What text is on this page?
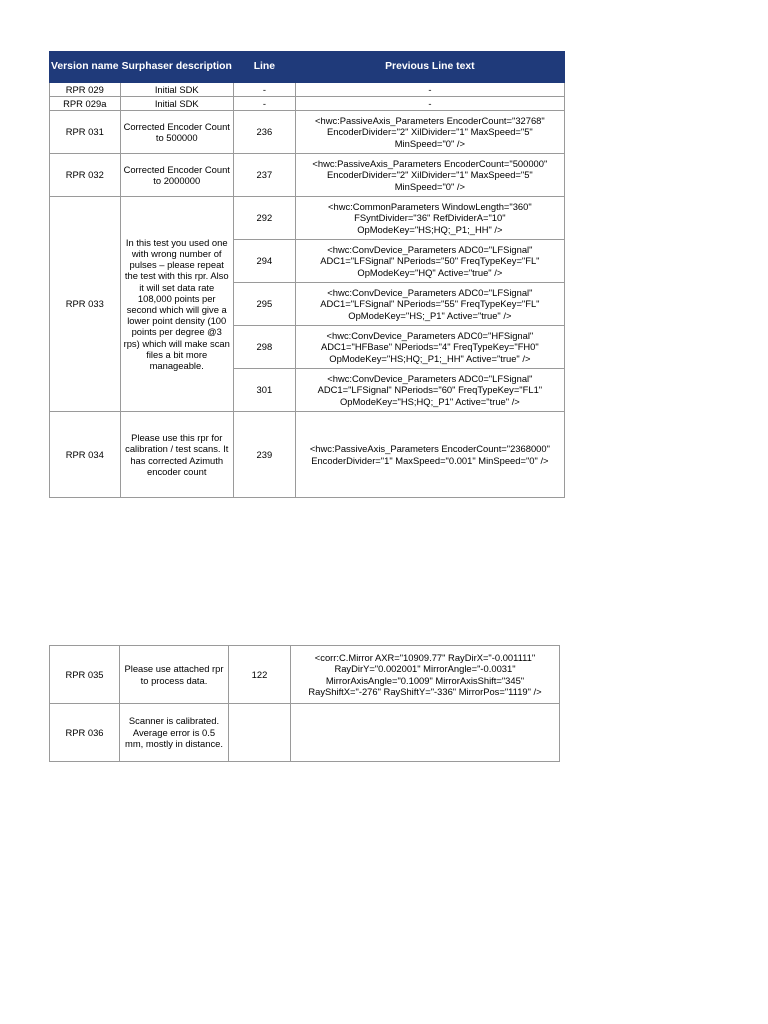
Version name	Surphaser description	Line	Previous Line text
RPR 029	Initial SDK	-	-
RPR 029a	Initial SDK	-	-
RPR 031	Corrected Encoder Count to 500000	236	<hwc:PassiveAxis_Parameters EncoderCount="32768" EncoderDivider="2" XilDivider="1" MaxSpeed="5" MinSpeed="0" />
RPR 032	Corrected Encoder Count to 2000000	237	<hwc:PassiveAxis_Parameters EncoderCount="500000" EncoderDivider="2" XilDivider="1" MaxSpeed="5" MinSpeed="0" />
RPR 033	In this test you used one with wrong number of pulses – please repeat the test with this rpr. Also it will set data rate 108,000 points per second which will give a lower point density (100 points per degree @3 rps) which will make scan files a bit more manageable.	292	<hwc:CommonParameters WindowLength="360" FSyntDivider="36" RefDividerA="10" OpModeKey="HS;HQ;_P1;_HH" />
		294	<hwc:ConvDevice_Parameters ADC0="LFSignal" ADC1="LFSignal" NPeriods="50" FreqTypeKey="FL" OpModeKey="HQ" Active="true" />
		295	<hwc:ConvDevice_Parameters ADC0="LFSignal" ADC1="LFSignal" NPeriods="55" FreqTypeKey="FL" OpModeKey="HS;_P1" Active="true" />
		298	<hwc:ConvDevice_Parameters ADC0="HFSignal" ADC1="HFBase" NPeriods="4" FreqTypeKey="FH0" OpModeKey="HS;HQ;_P1;_HH" Active="true" />
		301	<hwc:ConvDevice_Parameters ADC0="LFSignal" ADC1="LFSignal" NPeriods="60" FreqTypeKey="FL1" OpModeKey="HS;HQ;_P1" Active="true" />
RPR 034	Please use this rpr for calibration / test scans. It has corrected Azimuth encoder count	239	<hwc:PassiveAxis_Parameters EncoderCount="2368000" EncoderDivider="1" MaxSpeed="0.001" MinSpeed="0" />
RPR 035	Please use attached rpr to process data.	122	<corr:C.Mirror AXR="10909.77" RayDirX="-0.001111" RayDirY="0.002001" MirrorAngle="-0.0031" MirrorAxisAngle="0.1009" MirrorAxisShift="345" RayShiftX="-276" RayShiftY="-336" MirrorPos="1119" />
RPR 036	Scanner is calibrated. Average error is 0.5 mm, mostly in distance.		
